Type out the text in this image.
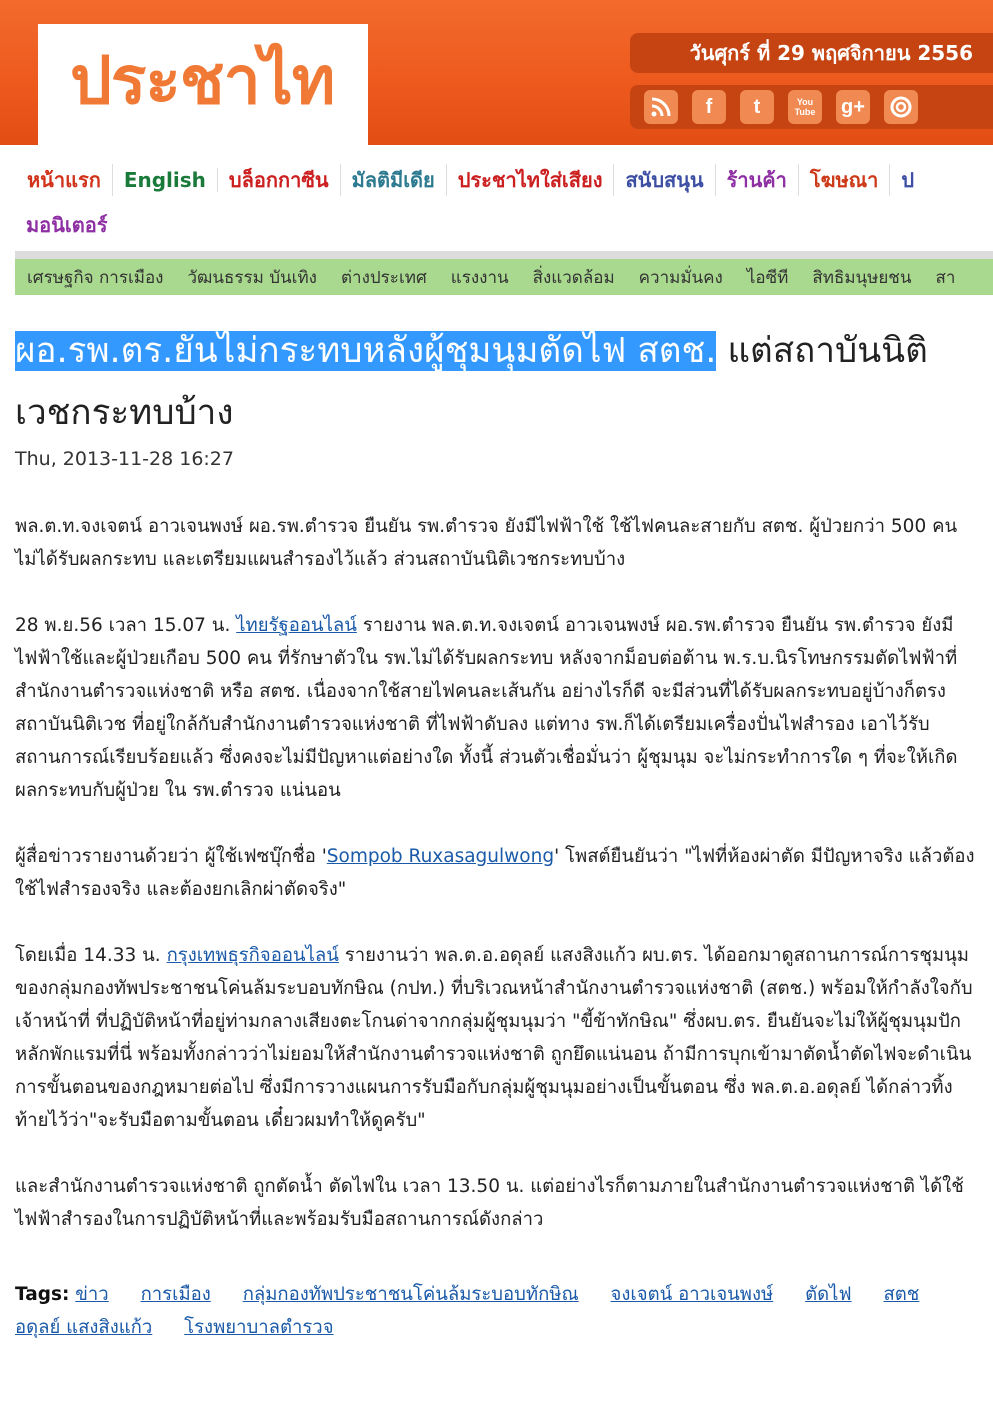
ประชาไท	วันศุกร์ ที่ 29 พฤศจิกายน 2556
f	t	You Tube	g+
หน้าแรก	English	บล็อกกาซีน	มัลติมีเดีย	ประชาไทใส่เสียง	สนับสนุน	ร้านค้า	โฆษณา	ป
มอนิเตอร์
เศรษฐกิจ การเมือง	วัฒนธรรม บันเทิง	ต่างประเทศ	แรงงาน	สิ่งแวดล้อม	ความมั่นคง	ไอซีที	สิทธิมนุษยชน	สา
ผอ.รพ.ตร.ยันไม่กระทบหลังผู้ชุมนุมตัดไฟ สตช. แต่สถาบันนิติเวชกระทบบ้าง
Thu, 2013-11-28 16:27

พล.ต.ท.จงเจตน์ อาวเจนพงษ์ ผอ.รพ.ตำรวจ ยืนยัน รพ.ตำรวจ ยังมีไฟฟ้าใช้ ใช้ไฟคนละสายกับ สตช. ผู้ป่วยกว่า 500 คน ไม่ได้รับผลกระทบ และเตรียมแผนสำรองไว้แล้ว ส่วนสถาบันนิติเวชกระทบบ้าง

28 พ.ย.56 เวลา 15.07 น. ไทยรัฐออนไลน์ รายงาน พล.ต.ท.จงเจตน์ อาวเจนพงษ์ ผอ.รพ.ตำรวจ ยืนยัน รพ.ตำรวจ ยังมีไฟฟ้าใช้และผู้ป่วยเกือบ 500 คน ที่รักษาตัวใน รพ.ไม่ได้รับผลกระทบ หลังจากม็อบต่อต้าน พ.ร.บ.นิรโทษกรรมตัดไฟฟ้าที่สำนักงานตำรวจแห่งชาติ หรือ สตช. เนื่องจากใช้สายไฟคนละเส้นกัน อย่างไรก็ดี จะมีส่วนที่ได้รับผลกระทบอยู่บ้างก็ตรงสถาบันนิติเวช ที่อยู่ใกล้กับสำนักงานตำรวจแห่งชาติ ที่ไฟฟ้าดับลง แต่ทาง รพ.ก็ได้เตรียมเครื่องปั่นไฟสำรอง เอาไว้รับสถานการณ์เรียบร้อยแล้ว ซึ่งคงจะไม่มีปัญหาแต่อย่างใด ทั้งนี้ ส่วนตัวเชื่อมั่นว่า ผู้ชุมนุม จะไม่กระทำการใด ๆ ที่จะให้เกิดผลกระทบกับผู้ป่วย ใน รพ.ตำรวจ แน่นอน

ผู้สื่อข่าวรายงานด้วยว่า ผู้ใช้เฟซบุ๊กชื่อ 'Sompob Ruxasagulwong' โพสต์ยืนยันว่า "ไฟที่ห้องผ่าตัด มีปัญหาจริง แล้วต้องใช้ไฟสำรองจริง และต้องยกเลิกผ่าตัดจริง"

โดยเมื่อ 14.33 น. กรุงเทพธุรกิจออนไลน์ รายงานว่า พล.ต.อ.อดุลย์ แสงสิงแก้ว ผบ.ตร. ได้ออกมาดูสถานการณ์การชุมนุมของกลุ่มกองทัพประชาชนโค่นล้มระบอบทักษิณ (กปท.) ที่บริเวณหน้าสำนักงานตำรวจแห่งชาติ (สตช.) พร้อมให้กำลังใจกับเจ้าหน้าที่ ที่ปฏิบัติหน้าที่อยู่ท่ามกลางเสียงตะโกนด่าจากกลุ่มผู้ชุมนุมว่า "ขี้ข้าทักษิณ" ซึ่งผบ.ตร. ยืนยันจะไม่ให้ผู้ชุมนุมปักหลักพักแรมที่นี่ พร้อมทั้งกล่าวว่าไม่ยอมให้สำนักงานตำรวจแห่งชาติ ถูกยึดแน่นอน ถ้ามีการบุกเข้ามาตัดน้ำตัดไฟจะดำเนินการขั้นตอนของกฎหมายต่อไป ซึ่งมีการวางแผนการรับมือกับกลุ่มผู้ชุมนุมอย่างเป็นขั้นตอน ซึ่ง พล.ต.อ.อดุลย์ ได้กล่าวทิ้งท้ายไว้ว่า"จะรับมือตามขั้นตอน เดี๋ยวผมทำให้ดูครับ"

และสำนักงานตำรวจแห่งชาติ ถูกตัดน้ำ ตัดไฟใน เวลา 13.50 น. แต่อย่างไรก็ตามภายในสำนักงานตำรวจแห่งชาติ ได้ใช้ไฟฟ้าสำรองในการปฏิบัติหน้าที่และพร้อมรับมือสถานการณ์ดังกล่าว

Tags: ข่าว การเมือง กลุ่มกองทัพประชาชนโค่นล้มระบอบทักษิณ จงเจตน์ อาวเจนพงษ์ ตัดไฟ สตช อดุลย์ แสงสิงแก้ว โรงพยาบาลตำรวจ
